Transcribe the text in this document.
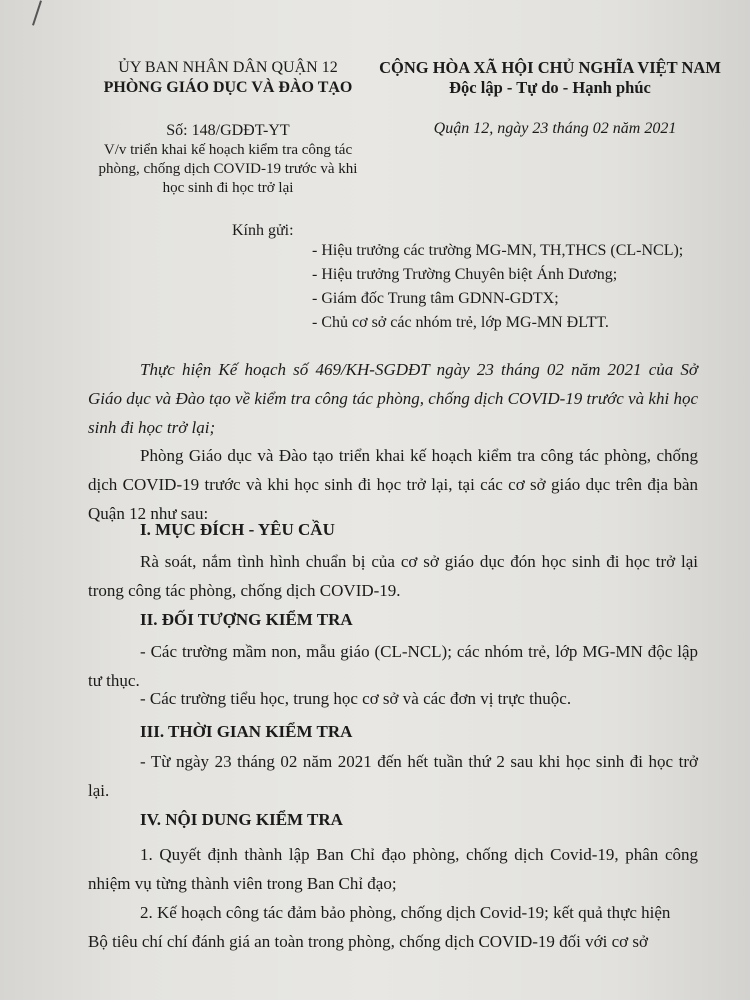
ỦY BAN NHÂN DÂN QUẬN 12
PHÒNG GIÁO DỤC VÀ ĐÀO TẠO
CỘNG HÒA XÃ HỘI CHỦ NGHĨA VIỆT NAM
Độc lập - Tự do - Hạnh phúc
Số: 148/GDĐT-YT
V/v triển khai kế hoạch kiểm tra công tác
phòng, chống dịch COVID-19 trước và khi
học sinh đi học trở lại
Quận 12, ngày 23 tháng 02 năm 2021
Kính gửi:
- Hiệu trưởng các trường MG-MN, TH,THCS (CL-NCL);
- Hiệu trưởng Trường Chuyên biệt Ánh Dương;
- Giám đốc Trung tâm GDNN-GDTX;
- Chủ cơ sở các nhóm trẻ, lớp MG-MN ĐLTT.
Thực hiện Kế hoạch số 469/KH-SGDĐT ngày 23 tháng 02 năm 2021 của Sở Giáo dục và Đào tạo về kiểm tra công tác phòng, chống dịch COVID-19 trước và khi học sinh đi học trở lại;
Phòng Giáo dục và Đào tạo triển khai kế hoạch kiểm tra công tác phòng, chống dịch COVID-19 trước và khi học sinh đi học trở lại, tại các cơ sở giáo dục trên địa bàn Quận 12 như sau:
I. MỤC ĐÍCH - YÊU CẦU
Rà soát, nắm tình hình chuẩn bị của cơ sở giáo dục đón học sinh đi học trở lại trong công tác phòng, chống dịch COVID-19.
II. ĐỐI TƯỢNG KIỂM TRA
- Các trường mầm non, mẫu giáo (CL-NCL); các nhóm trẻ, lớp MG-MN độc lập tư thục.
- Các trường tiểu học, trung học cơ sở và các đơn vị trực thuộc.
III. THỜI GIAN KIỂM TRA
- Từ ngày 23 tháng 02 năm 2021 đến hết tuần thứ 2 sau khi học sinh đi học trở lại.
IV. NỘI DUNG KIỂM TRA
1. Quyết định thành lập Ban Chỉ đạo phòng, chống dịch Covid-19, phân công nhiệm vụ từng thành viên trong Ban Chỉ đạo;
2. Kế hoạch công tác đảm bảo phòng, chống dịch Covid-19; kết quả thực hiện
Bộ tiêu chí chí đánh giá an toàn trong phòng, chống dịch COVID-19 đối với cơ sở
